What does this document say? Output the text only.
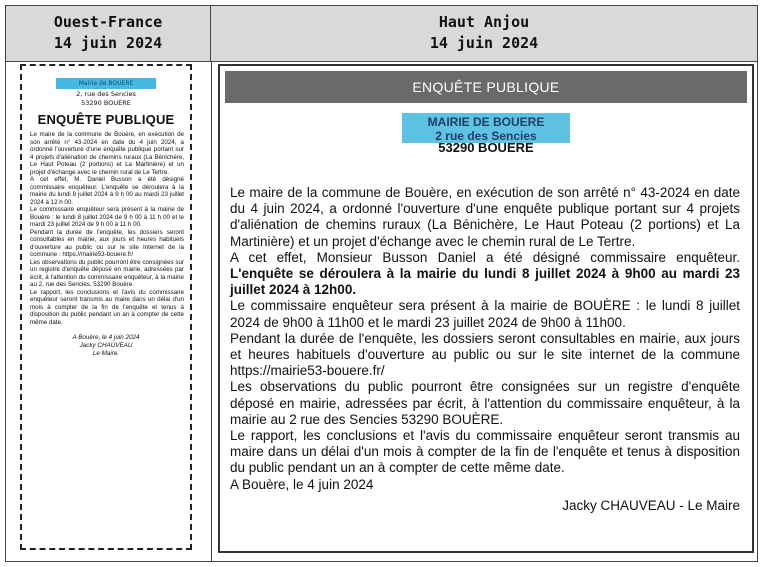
Ouest-France
14 juin 2024
Haut Anjou
14 juin 2024
Mairie de BOUÈRE
2, rue des Sencies
53290 BOUÈRE
ENQUÊTE PUBLIQUE

Le maire de la commune de Bouère, en exécution de son arrêté n° 43-2024 en date du 4 juin 2024, a ordonné l'ouverture d'une enquête publique portant sur 4 projets d'aliénation de chemins ruraux (La Bénichère, Le Haut Poteau (2 portions) et La Martinière) et un projet d'échange avec le chemin rural de Le Tertre.

A cet effet, M. Daniel Busson a été désigné commissaire enquêteur. L'enquête se déroulera à la mairie du lundi 8 juillet 2024 à 9 h 00 au mardi 23 juillet 2024 à 12 h 00.

Le commissaire enquêteur sera présent à la mairie de Bouère : le lundi 8 juillet 2024 de 9 h 00 à 11 h 00 et le mardi 23 juillet 2024 de 9 h 00 à 11 h 00.

Pendant la durée de l'enquête, les dossiers seront consultables en mairie, aux jours et heures habituels d'ouverture au public ou sur le site Internet de la commune : https://mairie53-bouere.fr/

Les observations du public pourront être consignées sur un registre d'enquête déposé en mairie, adressées par écrit, à l'attention du commissaire enquêteur, à la mairie au 2, rue des Sencies, 53290 Bouère.

Le rapport, les conclusions et l'avis du commissaire enquêteur seront transmis au maire dans un délai d'un mois à compter de la fin de l'enquête et tenus à disposition du public pendant un an à compter de cette même date.

A Bouère, le 4 juin 2024
Jacky CHAUVEAU
Le Maire.
ENQUÊTE PUBLIQUE
MAIRIE DE BOUERE
2 rue des Sencies
53290 BOUERE

Le maire de la commune de Bouère, en exécution de son arrêté n° 43-2024 en date du 4 juin 2024, a ordonné l'ouverture d'une enquête publique portant sur 4 projets d'aliénation de chemins ruraux (La Bénichère, Le Haut Poteau (2 portions) et La Martinière) et un projet d'échange avec le chemin rural de Le Tertre.

A cet effet, Monsieur Busson Daniel a été désigné commissaire enquêteur. L'enquête se déroulera à la mairie du lundi 8 juillet 2024 à 9h00 au mardi 23 juillet 2024 à 12h00.

Le commissaire enquêteur sera présent à la mairie de BOUÈRE : le lundi 8 juillet 2024 de 9h00 à 11h00 et le mardi 23 juillet 2024 de 9h00 à 11h00.

Pendant la durée de l'enquête, les dossiers seront consultables en mairie, aux jours et heures habituels d'ouverture au public ou sur le site internet de la commune https://mairie53-bouere.fr/

Les observations du public pourront être consignées sur un registre d'enquête déposé en mairie, adressées par écrit, à l'attention du commissaire enquêteur, à la mairie au 2 rue des Sencies 53290 BOUÈRE.

Le rapport, les conclusions et l'avis du commissaire enquêteur seront transmis au maire dans un délai d'un mois à compter de la fin de l'enquête et tenus à disposition du public pendant un an à compter de cette même date.

A Bouère, le 4 juin 2024

Jacky CHAUVEAU - Le Maire
